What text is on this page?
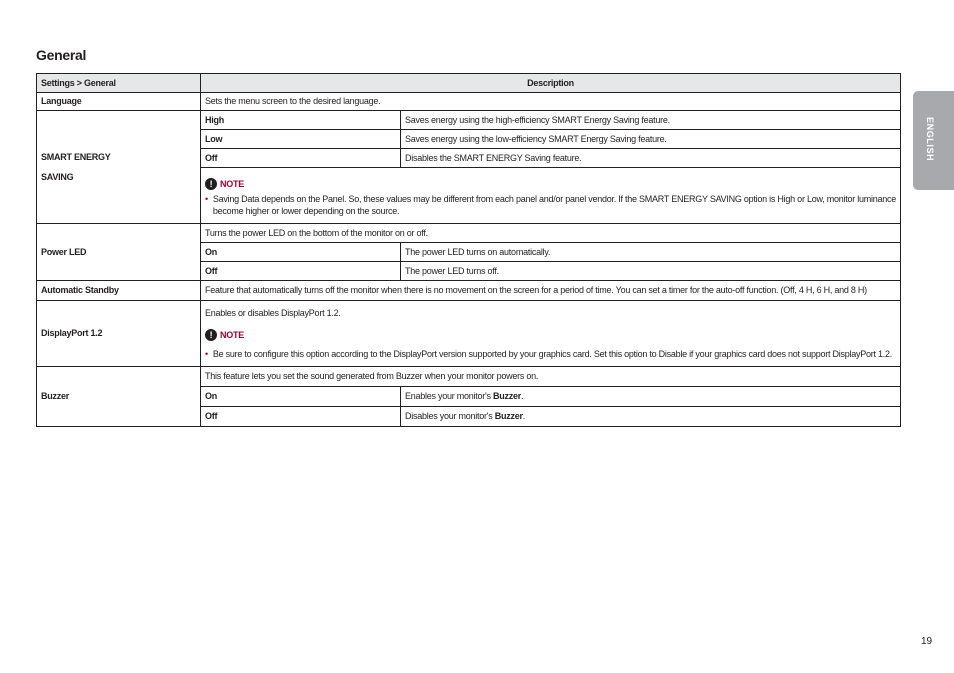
General
ENGLISH
Settings > General	Description	
Language	Sets the menu screen to the desired language.	

SMART ENERGY
SAVING	High	Saves energy using the high-efficiency SMART Energy Saving feature.
	Low	Saves energy using the low-efficiency SMART Energy Saving feature.
	Off	Disables the SMART ENERGY Saving feature.

	! NOTE
• Saving Data depends on the Panel. So, these values may be different from each panel and/or panel vendor. If the SMART ENERGY SAVING option is High or Low, monitor luminance become higher or lower depending on the source.	

Power LED	Turns the power LED on the bottom of the monitor on or off.	
	On	The power LED turns on automatically.
	Off	The power LED turns off.
Automatic Standby	Feature that automatically turns off the monitor when there is no movement on the screen for a period of time. You can set a timer for the auto-off function. (Off, 4 H, 6 H, and 8 H)	
DisplayPort 1.2	Enables or disables DisplayPort 1.2.
! NOTE
• Be sure to configure this option according to the DisplayPort version supported by your graphics card. Set this option to Disable if your graphics card does not support DisplayPort 1.2.	

Buzzer	This feature lets you set the sound generated from Buzzer when your monitor powers on.	
	On	Enables your monitor's Buzzer.
	Off	Disables your monitor's Buzzer.
19
